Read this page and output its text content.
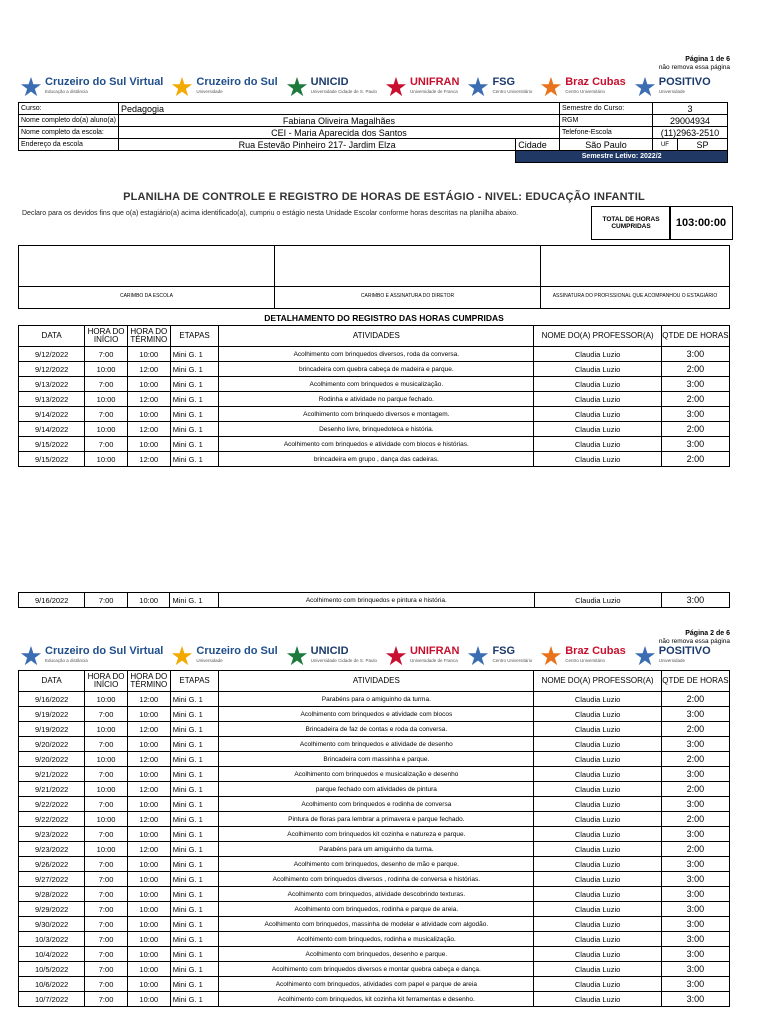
Página 1 de 6
não remova essa página
Cruzeiro do Sul Virtual
Educação a distância
Cruzeiro do Sul
Universidade
UNICID
Universidade Cidade de S. Paulo
UNIFRAN
Universidade de Franca
FSG
Centro Universitário
Braz Cubas
Centro Universitário
POSITIVO
Universidade
Curso:	Pedagogia		Semestre do Curso:	3	
Nome completo do(a) aluno(a)	Fabiana Oliveira Magalhães		RGM	29004934	
Nome completo da escola:	CEI - Maria Aparecida dos Santos		Telefone-Escola	(11)2963-2510	
Endereço da escola	Rua Estevão Pinheiro 217- Jardim Elza	Cidade	São Paulo	UF	SP
		Semestre Letivo: 2022/2			
PLANILHA DE CONTROLE E REGISTRO DE HORAS DE ESTÁGIO - NIVEL: EDUCAÇÃO INFANTIL
Declaro para os devidos fins que o(a) estagiário(a) acima identificado(a), cumpriu o estágio nesta Unidade Escolar conforme horas descritas na planilha abaixo.
TOTAL DE HORAS CUMPRIDAS	103:00:00

CARIMBO DA ESCOLA	CARIMBO E ASSINATURA DO DIRETOR	ASSINATURA DO PROFISSIONAL QUE ACOMPANHOU O ESTAGIÁRIO
DETALHAMENTO DO REGISTRO DAS HORAS CUMPRIDAS
DATA	HORA DO INÍCIO	HORA DO TÉRMINO	ETAPAS	ATIVIDADES	NOME DO(A) PROFESSOR(A)	QTDE DE HORAS
9/12/2022	7:00	10:00	Mini G. 1	Acolhimento com brinquedos diversos, roda da conversa.	Claudia Luzio	3:00
9/12/2022	10:00	12:00	Mini G. 1	brincadeira com quebra cabeça de madeira e parque.	Claudia Luzio	2:00
9/13/2022	7:00	10:00	Mini G. 1	Acolhimento com brinquedos e musicalização.	Claudia Luzio	3:00
9/13/2022	10:00	12:00	Mini G. 1	Rodinha e atividade no parque fechado.	Claudia Luzio	2:00
9/14/2022	7:00	10:00	Mini G. 1	Acolhimento com brinquedo diversos e montagem.	Claudia Luzio	3:00
9/14/2022	10:00	12:00	Mini G. 1	Desenho livre, brinquedoteca e história.	Claudia Luzio	2:00
9/15/2022	7:00	10:00	Mini G. 1	Acolhimento com brinquedos e atividade com blocos e histórias.	Claudia Luzio	3:00
9/15/2022	10:00	12:00	Mini G. 1	brincadeira em grupo , dança das cadeiras.	Claudia Luzio	2:00
9/16/2022	7:00	10:00	Mini G. 1	Acolhimento com brinquedos e pintura e história.	Claudia Luzio	3:00
Página 2 de 6
não remova essa página
Cruzeiro do Sul Virtual
Educação a distância
Cruzeiro do Sul
Universidade
UNICID
Universidade Cidade de S. Paulo
UNIFRAN
Universidade de Franca
FSG
Centro Universitário
Braz Cubas
Centro Universitário
POSITIVO
Universidade
DATA	HORA DO INÍCIO	HORA DO TÉRMINO	ETAPAS	ATIVIDADES	NOME DO(A) PROFESSOR(A)	QTDE DE HORAS
9/16/2022	10:00	12:00	Mini G. 1	Parabéns para o amiguinho da turma.	Claudia Luzio	2:00
9/19/2022	7:00	10:00	Mini G. 1	Acolhimento com brinquedos e atividade com blocos	Claudia Luzio	3:00
9/19/2022	10:00	12:00	Mini G. 1	Brincadeira de faz de contas e roda da conversa.	Claudia Luzio	2:00
9/20/2022	7:00	10:00	Mini G. 1	Acolhimento com brinquedos e atividade de desenho	Claudia Luzio	3:00
9/20/2022	10:00	12:00	Mini G. 1	Brincadeira com massinha e parque.	Claudia Luzio	2:00
9/21/2022	7:00	10:00	Mini G. 1	Acolhimento com brinquedos e musicalização e desenho	Claudia Luzio	3:00
9/21/2022	10:00	12:00	Mini G. 1	parque fechado com atividades de pintura	Claudia Luzio	2:00
9/22/2022	7:00	10:00	Mini G. 1	Acolhimento com brinquedos e rodinha de conversa	Claudia Luzio	3:00
9/22/2022	10:00	12:00	Mini G. 1	Pintura de floras para lembrar a primavera e parque fechado.	Claudia Luzio	2:00
9/23/2022	7:00	10:00	Mini G. 1	Acolhimento com brinquedos kit cozinha e natureza e parque.	Claudia Luzio	3:00
9/23/2022	10:00	12:00	Mini G. 1	Parabéns para um amiguinho da turma.	Claudia Luzio	2:00
9/26/2022	7:00	10:00	Mini G. 1	Acolhimento com brinquedos, desenho de mão e parque.	Claudia Luzio	3:00
9/27/2022	7:00	10:00	Mini G. 1	Acolhimento com brinquedos diversos , rodinha de conversa e histórias.	Claudia Luzio	3:00
9/28/2022	7:00	10:00	Mini G. 1	Acolhimento com brinquedos, atividade descobrindo texturas.	Claudia Luzio	3:00
9/29/2022	7:00	10:00	Mini G. 1	Acolhimento com brinquedos, rodinha e parque de areia.	Claudia Luzio	3:00
9/30/2022	7:00	10:00	Mini G. 1	Acolhimento com brinquedos, massinha de modelar e atividade com algodão.	Claudia Luzio	3:00
10/3/2022	7:00	10:00	Mini G. 1	Acolhimento com brinquedos, rodinha e musicalização.	Claudia Luzio	3:00
10/4/2022	7:00	10:00	Mini G. 1	Acolhimento com brinquedos, desenho e parque.	Claudia Luzio	3:00
10/5/2022	7:00	10:00	Mini G. 1	Acolhimento com brinquedos diversos e montar quebra cabeça e dança.	Claudia Luzio	3:00
10/6/2022	7:00	10:00	Mini G. 1	Acolhimento com brinquedos, atividades com papel e parque de areia	Claudia Luzio	3:00
10/7/2022	7:00	10:00	Mini G. 1	Acolhimento com brinquedos, kit cozinha kit ferramentas e desenho.	Claudia Luzio	3:00
